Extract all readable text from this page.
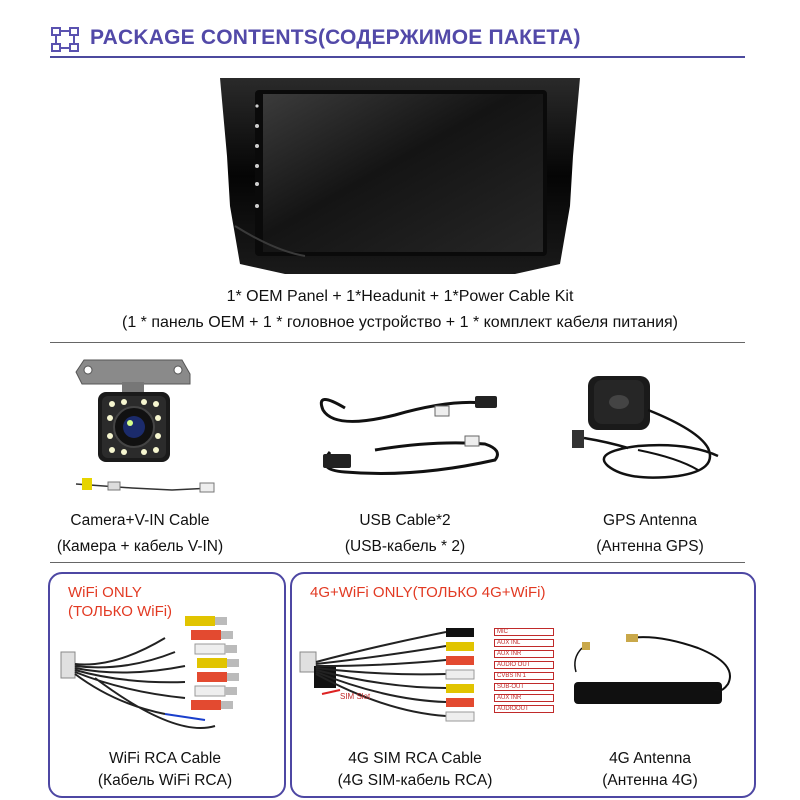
PACKAGE CONTENTS(СОДЕРЖИМОЕ ПАКЕТА)
1* OEM Panel + 1*Headunit + 1*Power Cable Kit
(1 * панель OEM + 1 * головное устройство + 1 * комплект кабеля питания)
Camera+V-IN Cable
(Камера + кабель V-IN)
USB Cable*2
(USB-кабель * 2)
GPS Antenna
(Антенна GPS)
WiFi ONLY
(ТОЛЬКО WiFi)
WiFi RCA Cable
(Кабель WiFi RCA)
4G+WiFi ONLY(ТОЛЬКО 4G+WiFi)
MIC
AUX INL
AUX INR
AUDIO OUT
CVBS IN 1
SUB-OUT
AUX INR
AUDIOOUT
SIM Slot
4G SIM RCA Cable
(4G SIM-кабель RCA)
4G Antenna
(Антенна 4G)
